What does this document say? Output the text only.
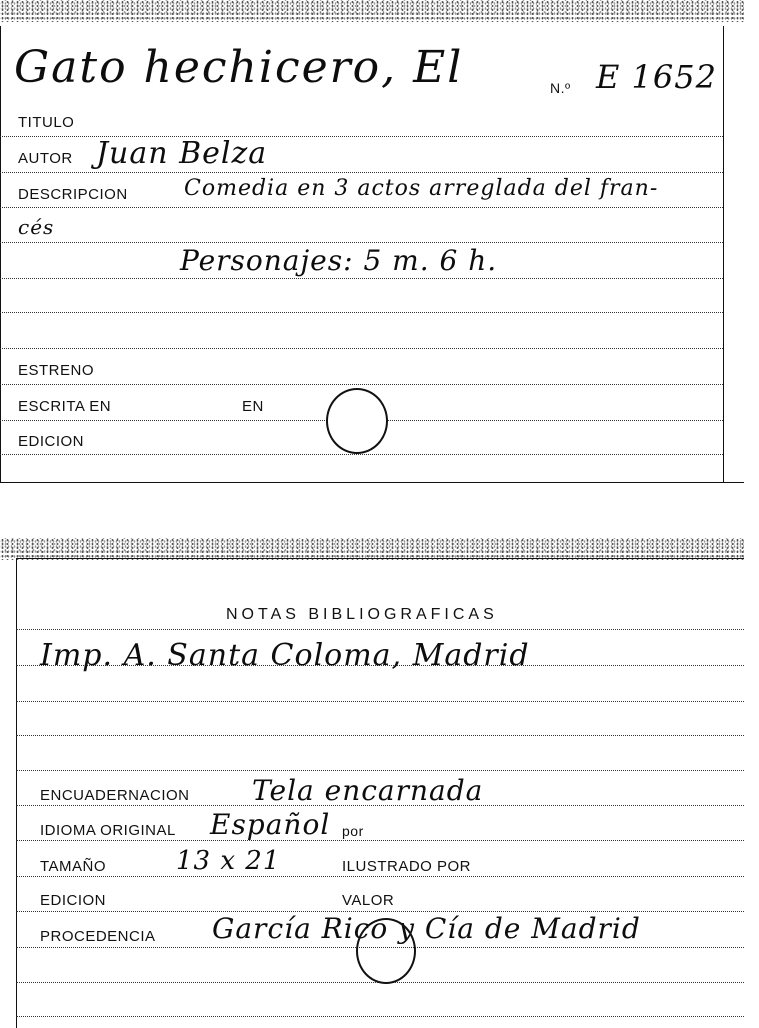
Gato hechicero, El	N.º E 1652
TITULO
AUTOR Juan Belza
DESCRIPCION	Comedia en 3 actos arreglada del fran-
cés
Personajes: 5 m. 6 h.
ESTRENO
ESCRITA EN	EN
EDICION
NOTAS BIBLIOGRAFICAS
Imp. A. Santa Coloma, Madrid
ENCUADERNACION Tela encarnada
IDIOMA ORIGINAL Español por
TAMAÑO	13 x 21	ILUSTRADO POR
EDICION	VALOR
PROCEDENCIA García Rico y Cía de Madrid
